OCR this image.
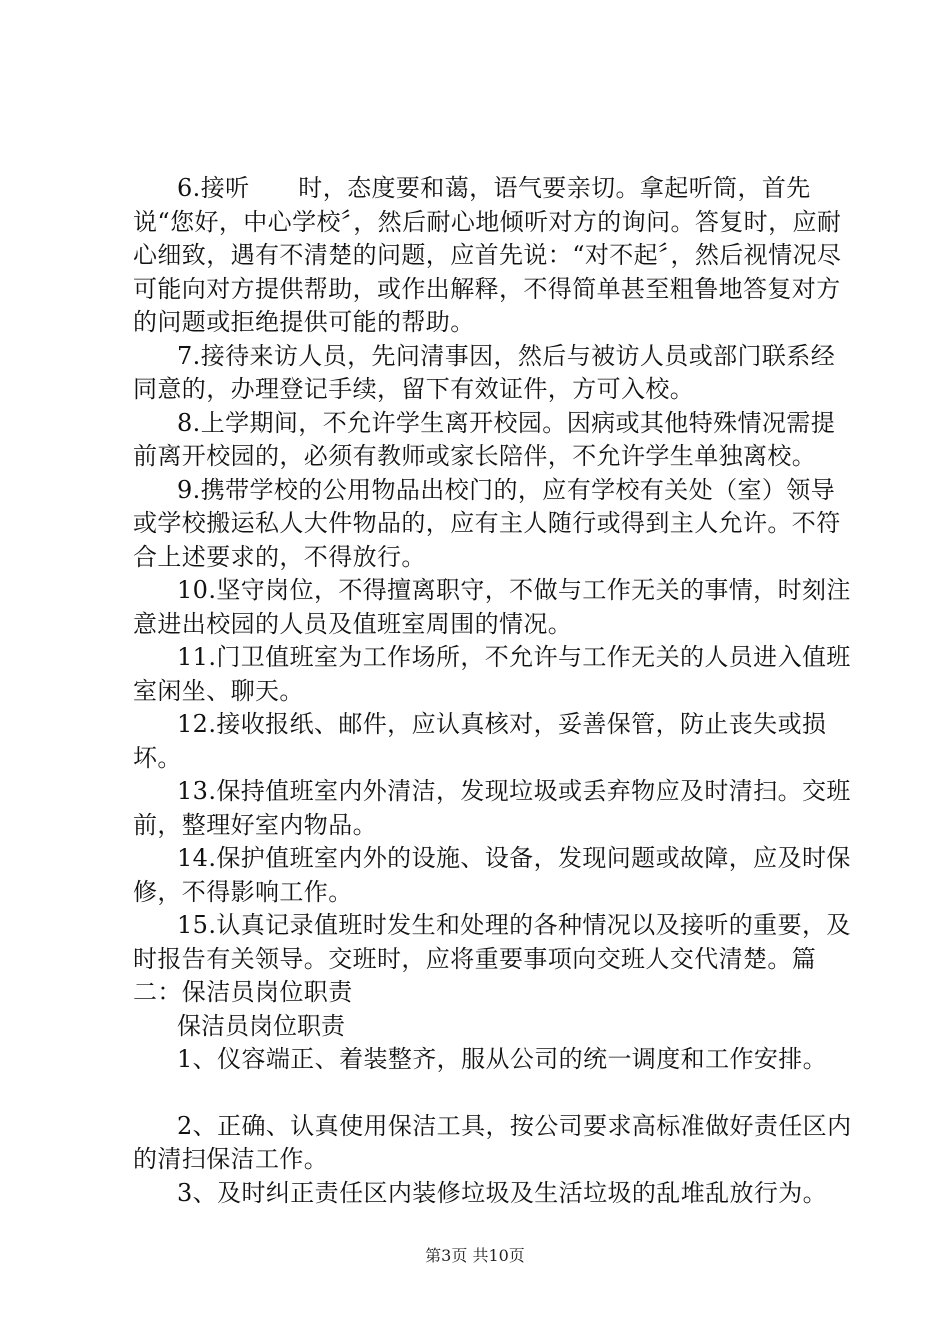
6.接听　　时，态度要和蔼，语气要亲切。拿起听筒，首先说“您好，中心学校〞，然后耐心地倾听对方的询问。答复时，应耐心细致，遇有不清楚的问题，应首先说：“对不起〞，然后视情况尽可能向对方提供帮助，或作出解释，不得简单甚至粗鲁地答复对方的问题或拒绝提供可能的帮助。

7.接待来访人员，先问清事因，然后与被访人员或部门联系经同意的，办理登记手续，留下有效证件，方可入校。

8.上学期间，不允许学生离开校园。因病或其他特殊情况需提前离开校园的，必须有教师或家长陪伴，不允许学生单独离校。

9.携带学校的公用物品出校门的，应有学校有关处（室）领导或学校搬运私人大件物品的，应有主人随行或得到主人允许。不符合上述要求的，不得放行。

10.坚守岗位，不得擅离职守，不做与工作无关的事情，时刻注意进出校园的人员及值班室周围的情况。

11.门卫值班室为工作场所，不允许与工作无关的人员进入值班室闲坐、聊天。

12.接收报纸、邮件，应认真核对，妥善保管，防止丧失或损坏。

13.保持值班室内外清洁，发现垃圾或丢弃物应及时清扫。交班前，整理好室内物品。

14.保护值班室内外的设施、设备，发现问题或故障，应及时保修，不得影响工作。

15.认真记录值班时发生和处理的各种情况以及接听的重要，及时报告有关领导。交班时，应将重要事项向交班人交代清楚。篇二：保洁员岗位职责

保洁员岗位职责

1、仪容端正、着装整齐，服从公司的统一调度和工作安排。

2、正确、认真使用保洁工具，按公司要求高标准做好责任区内的清扫保洁工作。

3、及时纠正责任区内装修垃圾及生活垃圾的乱堆乱放行为。

第3页 共10页
